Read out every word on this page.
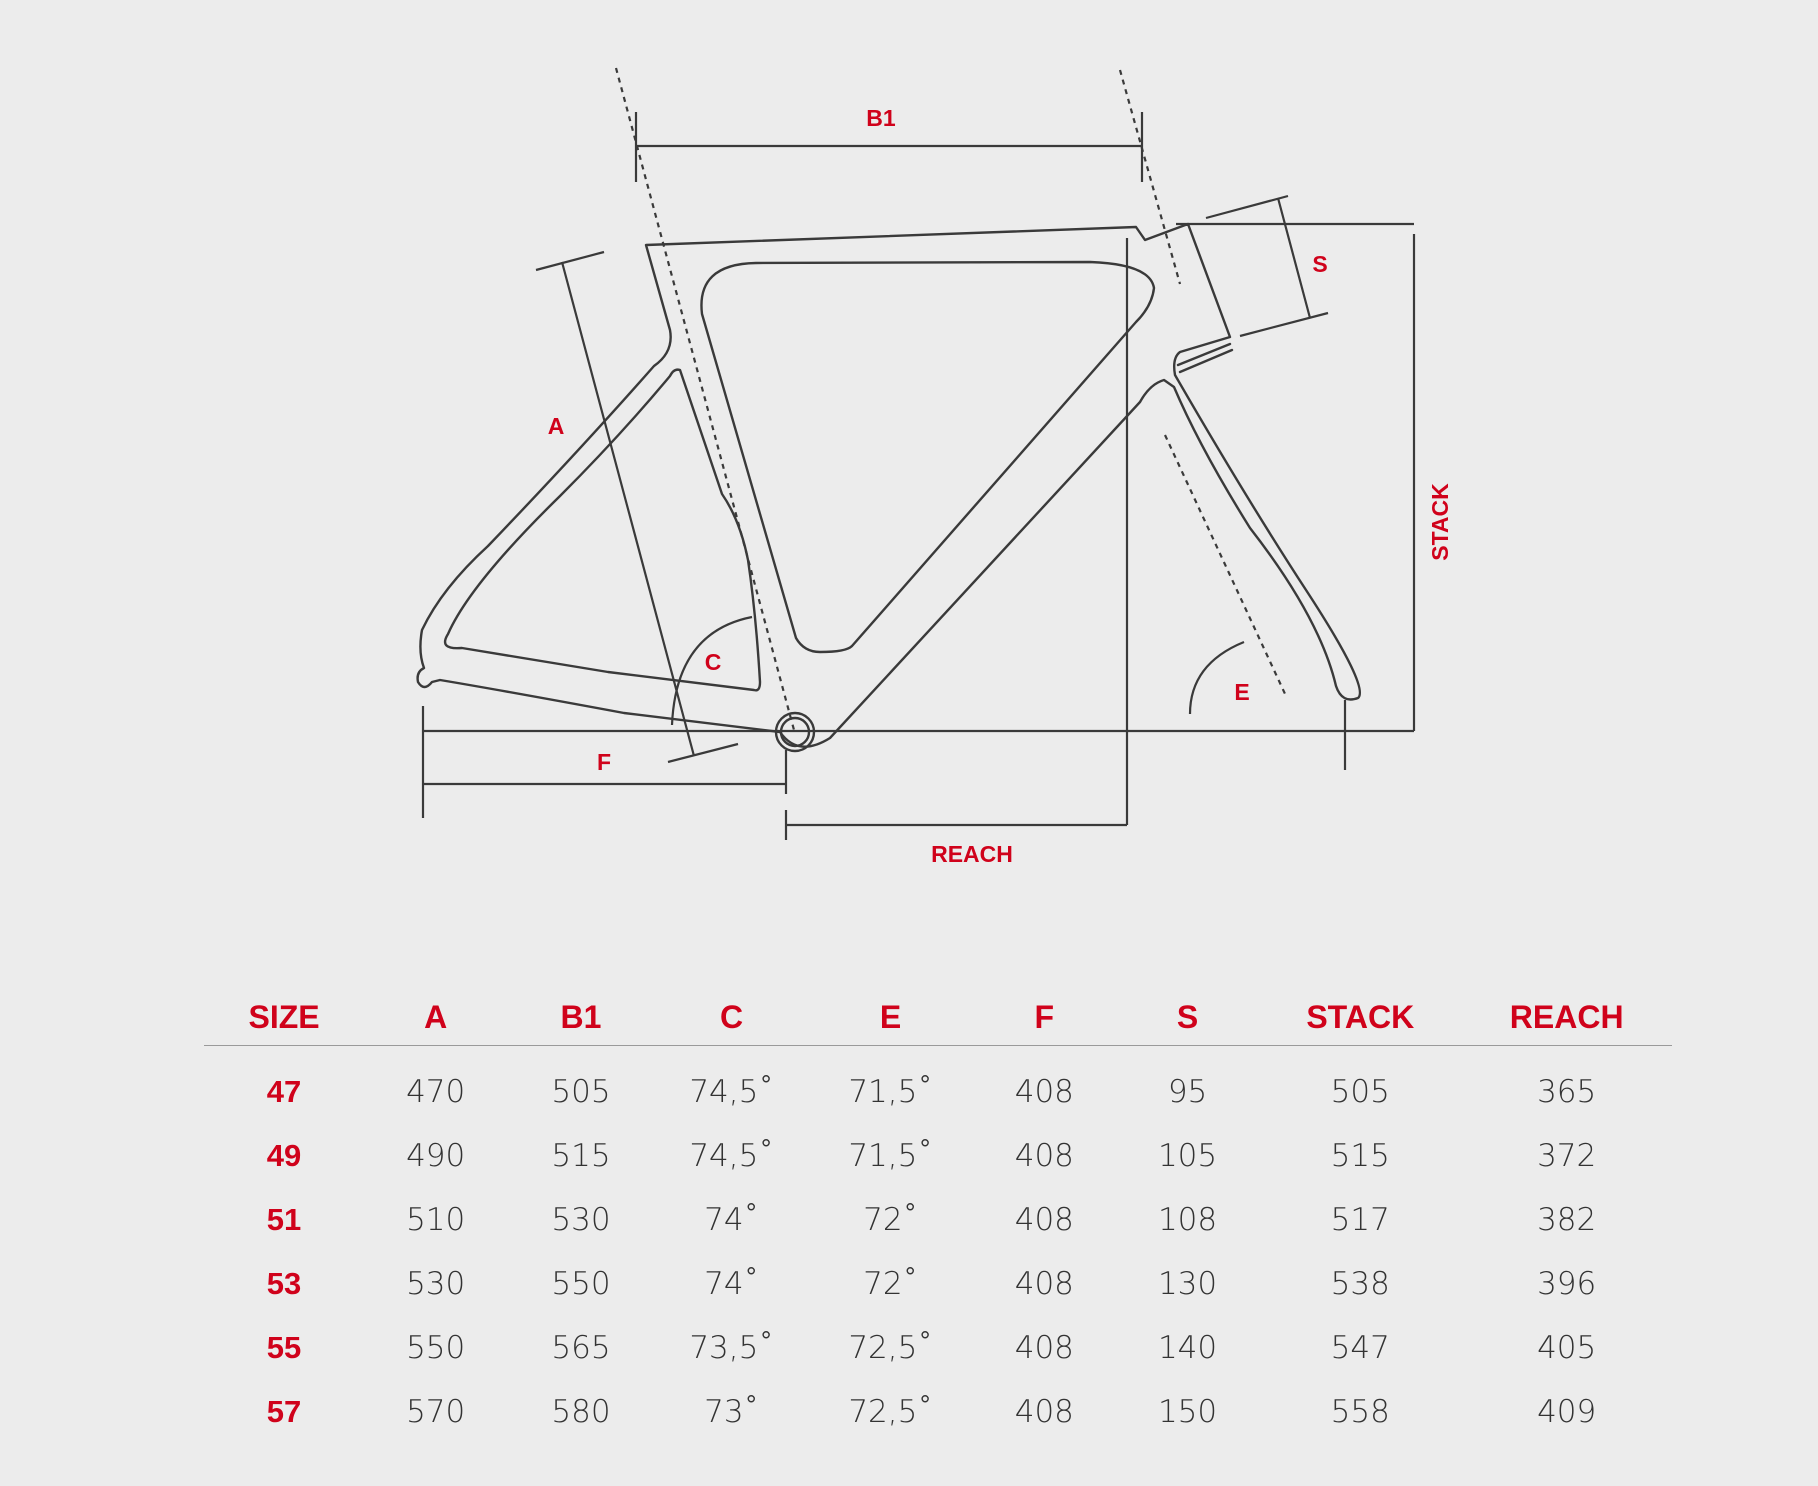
B1
A
S
STACK
REACH
F
C
E
SIZE	A	B1	C	E	F	S	STACK	REACH
47	470	505	74,5˚	71,5˚	408	95	505	365
49	490	515	74,5˚	71,5˚	408	105	515	372
51	510	530	74˚	72˚	408	108	517	382
53	530	550	74˚	72˚	408	130	538	396
55	550	565	73,5˚	72,5˚	408	140	547	405
57	570	580	73˚	72,5˚	408	150	558	409
